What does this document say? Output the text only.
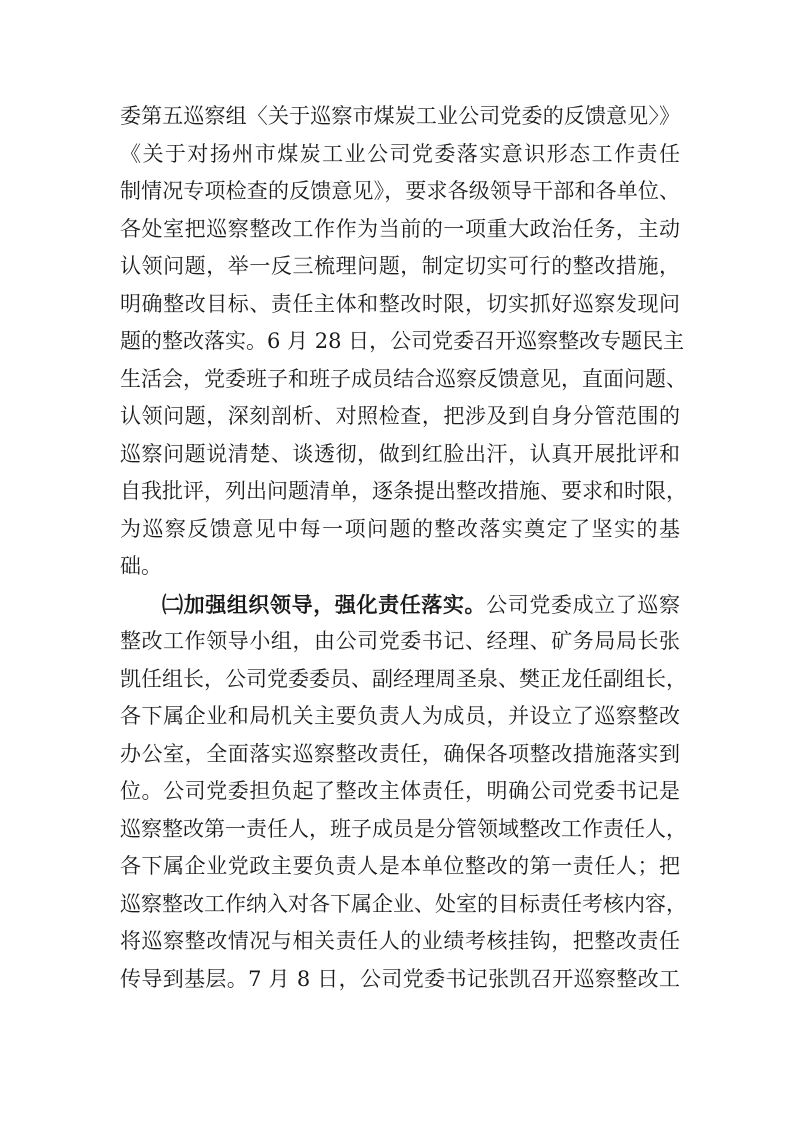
委第五巡察组〈关于巡察市煤炭工业公司党委的反馈意见〉》
《关于对扬州市煤炭工业公司党委落实意识形态工作责任
制情况专项检查的反馈意见》，要求各级领导干部和各单位、
各处室把巡察整改工作作为当前的一项重大政治任务，主动
认领问题，举一反三梳理问题，制定切实可行的整改措施，
明确整改目标、责任主体和整改时限，切实抓好巡察发现问
题的整改落实。6 月 28 日，公司党委召开巡察整改专题民主
生活会，党委班子和班子成员结合巡察反馈意见，直面问题、
认领问题，深刻剖析、对照检查，把涉及到自身分管范围的
巡察问题说清楚、谈透彻，做到红脸出汗，认真开展批评和
自我批评，列出问题清单，逐条提出整改措施、要求和时限，
为巡察反馈意见中每一项问题的整改落实奠定了坚实的基
础。
㈡加强组织领导，强化责任落实。公司党委成立了巡察
整改工作领导小组，由公司党委书记、经理、矿务局局长张
凯任组长，公司党委委员、副经理周圣泉、樊正龙任副组长，
各下属企业和局机关主要负责人为成员，并设立了巡察整改
办公室，全面落实巡察整改责任，确保各项整改措施落实到
位。公司党委担负起了整改主体责任，明确公司党委书记是
巡察整改第一责任人，班子成员是分管领域整改工作责任人，
各下属企业党政主要负责人是本单位整改的第一责任人；把
巡察整改工作纳入对各下属企业、处室的目标责任考核内容，
将巡察整改情况与相关责任人的业绩考核挂钩，把整改责任
传导到基层。7 月 8 日，公司党委书记张凯召开巡察整改工
